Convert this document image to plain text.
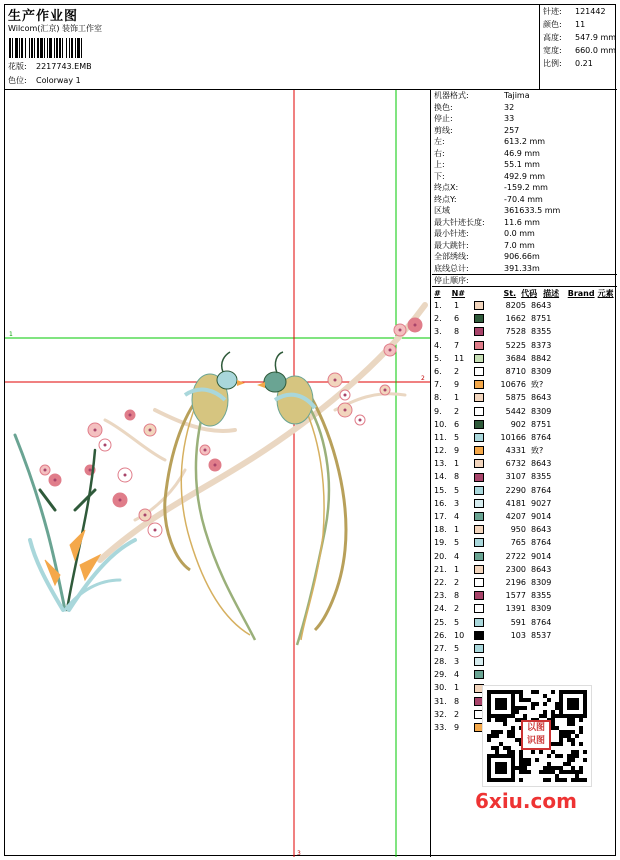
生产作业图
Wilcom(汇京) 装饰工作室
花版: 2217743.EMB
色位: Colorway 1
针迹: 121442
颜色: 11
高度: 547.9 mm
宽度: 660.0 mm
比例: 0.21
1
2
3
机器格式:	Tajima
换色:	32
停止:	33
剪线:	257
左:	613.2 mm
右:	46.9 mm
上:	55.1 mm
下:	492.9 mm
终点X:	-159.2 mm
终点Y:	-70.4 mm
区域	361633.5 mm
最大针迹长度: 11.6 mm
最小针迹:	0.0 mm
最大跳针:	7.0 mm
全部绣线:	906.66m
底线总计:	391.33m
停止顺序:
#	N#	St. 代码 描述	Brand 元素
1.	1	8205 8643
2.	6	1662 8751
3.	8	7528 8355
4.	7	5225 8373
5.	11	3684 8842
6.	2	8710 8309
7.	9	10676 致?
8.	1	5875 8643
9.	2	5442 8309
10. 6	902 8751
11. 5	10166 8764
12. 9	4331 致?
13. 1	6732 8643
14. 8	3107 8355
15. 5	2290 8764
16. 3	4181 9027
17. 4	4207 9014
18. 1	950 8643
19. 5	765 8764
20. 4	2722 9014
21. 1	2300 8643
22. 2	2196 8309
23. 8	1577 8355
24. 2	1391 8309
25. 5	591 8764
26. 10	103 8537
27. 5
28. 3
29. 4
30. 1
31. 8
32. 2
33. 9	以图识图
6xiu.com
